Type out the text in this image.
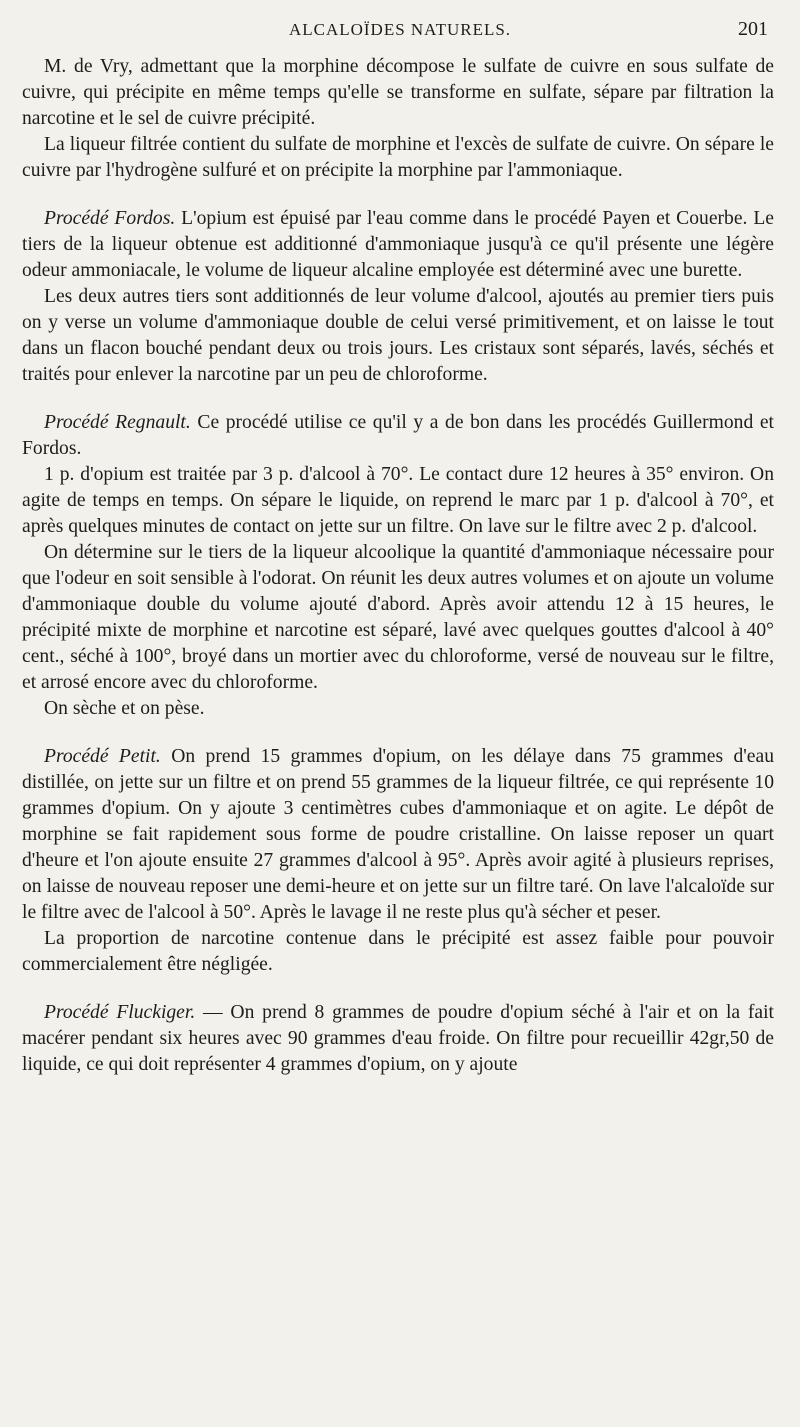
ALCALOÏDES NATURELS.	201

M. de Vry, admettant que la morphine décompose le sulfate de cuivre en sous sulfate de cuivre, qui précipite en même temps qu'elle se transforme en sulfate, sépare par filtration la narcotine et le sel de cuivre précipité.

La liqueur filtrée contient du sulfate de morphine et l'excès de sulfate de cuivre. On sépare le cuivre par l'hydrogène sulfuré et on précipite la morphine par l'ammoniaque.

Procédé Fordos. L'opium est épuisé par l'eau comme dans le procédé Payen et Couerbe. Le tiers de la liqueur obtenue est additionné d'ammoniaque jusqu'à ce qu'il présente une légère odeur ammoniacale, le volume de liqueur alcaline employée est déterminé avec une burette.

Les deux autres tiers sont additionnés de leur volume d'alcool, ajoutés au premier tiers puis on y verse un volume d'ammoniaque double de celui versé primitivement, et on laisse le tout dans un flacon bouché pendant deux ou trois jours. Les cristaux sont séparés, lavés, séchés et traités pour enlever la narcotine par un peu de chloroforme.

Procédé Regnault. Ce procédé utilise ce qu'il y a de bon dans les procédés Guillermond et Fordos.

1 p. d'opium est traitée par 3 p. d'alcool à 70°. Le contact dure 12 heures à 35° environ. On agite de temps en temps. On sépare le liquide, on reprend le marc par 1 p. d'alcool à 70°, et après quelques minutes de contact on jette sur un filtre. On lave sur le filtre avec 2 p. d'alcool.

On détermine sur le tiers de la liqueur alcoolique la quantité d'ammoniaque nécessaire pour que l'odeur en soit sensible à l'odorat. On réunit les deux autres volumes et on ajoute un volume d'ammoniaque double du volume ajouté d'abord. Après avoir attendu 12 à 15 heures, le précipité mixte de morphine et narcotine est séparé, lavé avec quelques gouttes d'alcool à 40° cent., séché à 100°, broyé dans un mortier avec du chloroforme, versé de nouveau sur le filtre, et arrosé encore avec du chloroforme.

On sèche et on pèse.

Procédé Petit. On prend 15 grammes d'opium, on les délaye dans 75 grammes d'eau distillée, on jette sur un filtre et on prend 55 grammes de la liqueur filtrée, ce qui représente 10 grammes d'opium. On y ajoute 3 centimètres cubes d'ammoniaque et on agite. Le dépôt de morphine se fait rapidement sous forme de poudre cristalline. On laisse reposer un quart d'heure et l'on ajoute ensuite 27 grammes d'alcool à 95°. Après avoir agité à plusieurs reprises, on laisse de nouveau reposer une demi-heure et on jette sur un filtre taré. On lave l'alcaloïde sur le filtre avec de l'alcool à 50°. Après le lavage il ne reste plus qu'à sécher et peser.

La proportion de narcotine contenue dans le précipité est assez faible pour pouvoir commercialement être négligée.

Procédé Fluckiger. — On prend 8 grammes de poudre d'opium séché à l'air et on la fait macérer pendant six heures avec 90 grammes d'eau froide. On filtre pour recueillir 42gr,50 de liquide, ce qui doit représenter 4 grammes d'opium, on y ajoute
